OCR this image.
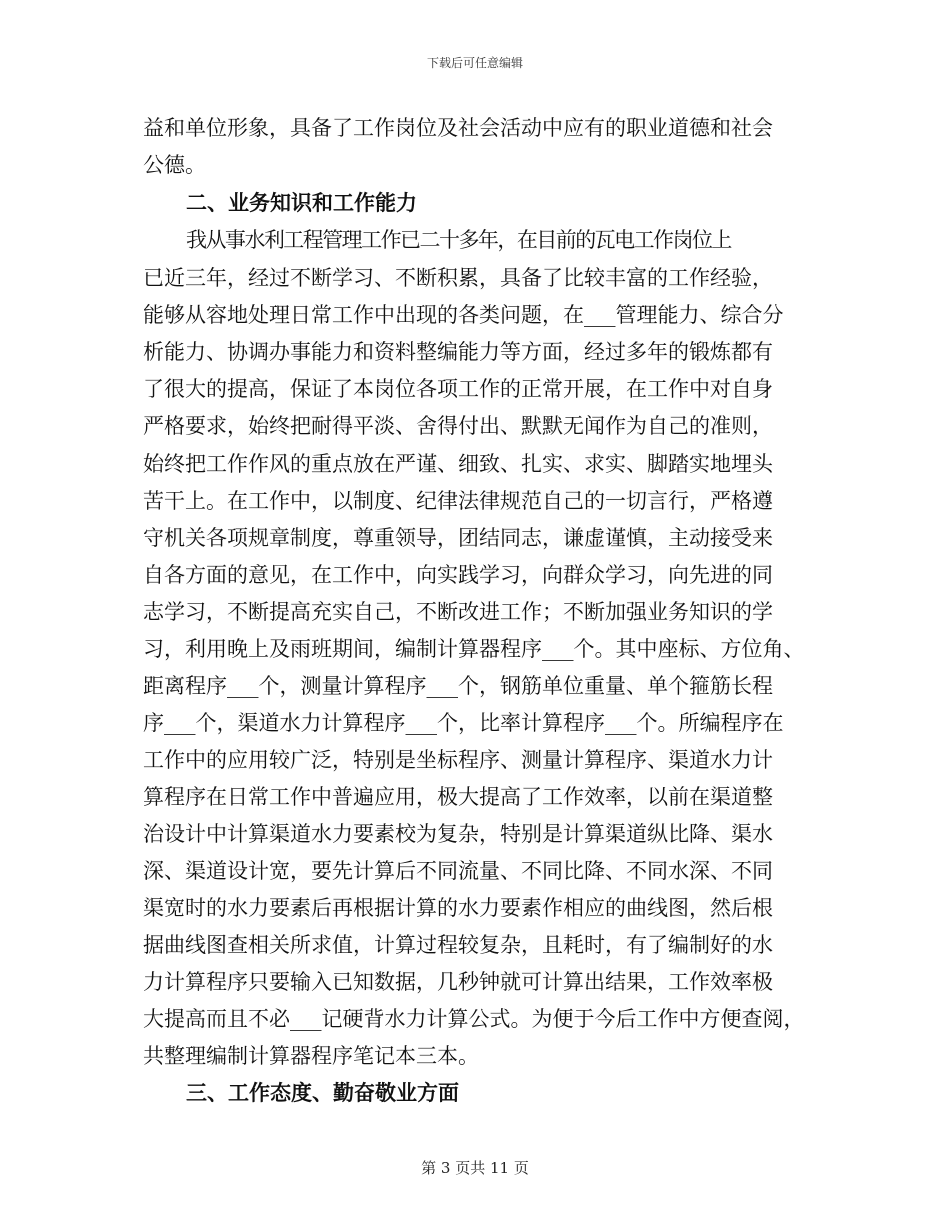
下载后可任意编辑
益和单位形象，具备了工作岗位及社会活动中应有的职业道德和社会
公德。
二、业务知识和工作能力
我从事水利工程管理工作已二十多年，在目前的瓦电工作岗位上
已近三年，经过不断学习、不断积累，具备了比较丰富的工作经验，
能够从容地处理日常工作中出现的各类问题，在___管理能力、综合分
析能力、协调办事能力和资料整编能力等方面，经过多年的锻炼都有
了很大的提高，保证了本岗位各项工作的正常开展，在工作中对自身
严格要求，始终把耐得平淡、舍得付出、默默无闻作为自己的准则，
始终把工作作风的重点放在严谨、细致、扎实、求实、脚踏实地埋头
苦干上。在工作中，以制度、纪律法律规范自己的一切言行，严格遵
守机关各项规章制度，尊重领导，团结同志，谦虚谨慎，主动接受来
自各方面的意见，在工作中，向实践学习，向群众学习，向先进的同
志学习，不断提高充实自己，不断改进工作；不断加强业务知识的学
习，利用晚上及雨班期间，编制计算器程序___个。其中座标、方位角、
距离程序___个，测量计算程序___个，钢筋单位重量、单个箍筋长程
序___个，渠道水力计算程序___个，比率计算程序___个。所编程序在
工作中的应用较广泛，特别是坐标程序、测量计算程序、渠道水力计
算程序在日常工作中普遍应用，极大提高了工作效率，以前在渠道整
治设计中计算渠道水力要素校为复杂，特别是计算渠道纵比降、渠水
深、渠道设计宽，要先计算后不同流量、不同比降、不同水深、不同
渠宽时的水力要素后再根据计算的水力要素作相应的曲线图，然后根
据曲线图查相关所求值，计算过程较复杂，且耗时，有了编制好的水
力计算程序只要输入已知数据，几秒钟就可计算出结果，工作效率极
大提高而且不必___记硬背水力计算公式。为便于今后工作中方便查阅，
共整理编制计算器程序笔记本三本。
三、工作态度、勤奋敬业方面
第 3 页共 11 页
